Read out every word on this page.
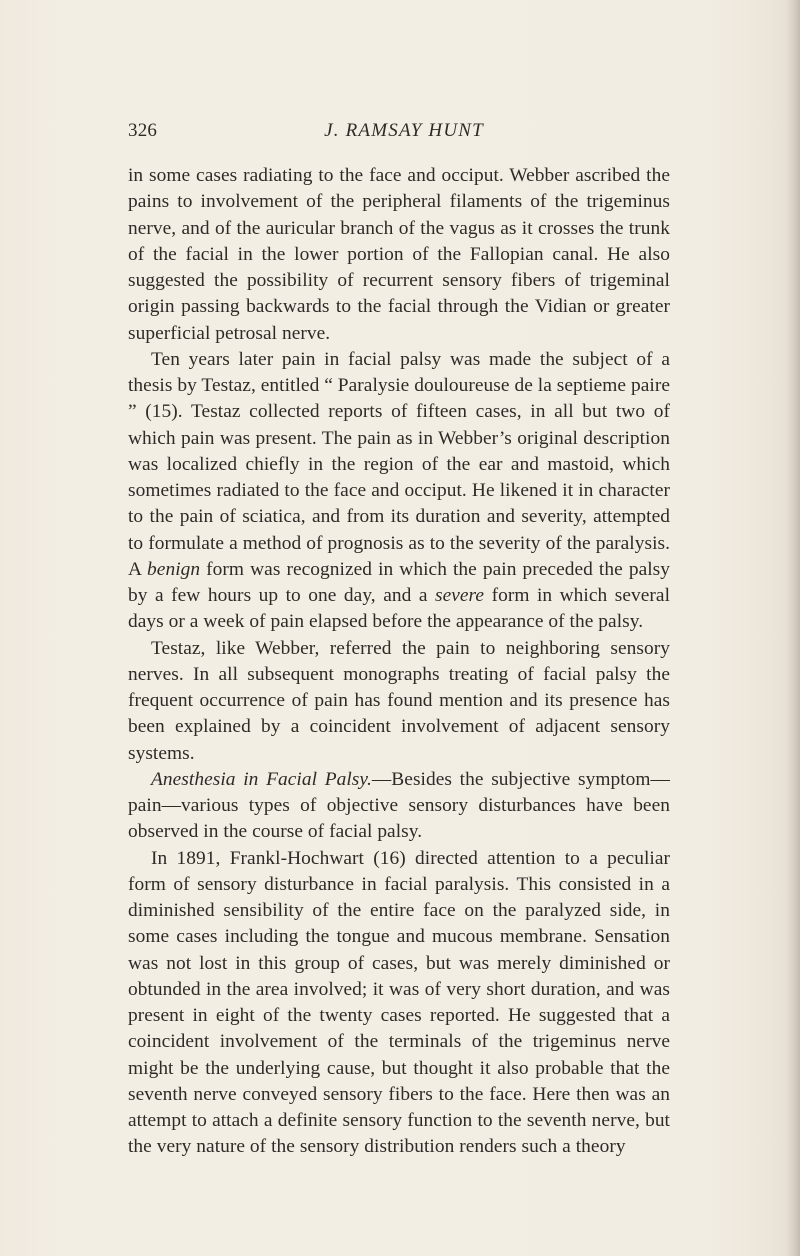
326	J. RAMSAY HUNT

in some cases radiating to the face and occiput. Webber ascribed the pains to involvement of the peripheral filaments of the trigeminus nerve, and of the auricular branch of the vagus as it crosses the trunk of the facial in the lower portion of the Fallopian canal. He also suggested the possibility of recurrent sensory fibers of trigeminal origin passing backwards to the facial through the Vidian or greater superficial petrosal nerve.

Ten years later pain in facial palsy was made the subject of a thesis by Testaz, entitled “ Paralysie douloureuse de la septieme paire ” (15). Testaz collected reports of fifteen cases, in all but two of which pain was present. The pain as in Webber’s original description was localized chiefly in the region of the ear and mastoid, which sometimes radiated to the face and occiput. He likened it in character to the pain of sciatica, and from its duration and severity, attempted to formulate a method of prognosis as to the severity of the paralysis. A benign form was recognized in which the pain preceded the palsy by a few hours up to one day, and a severe form in which several days or a week of pain elapsed before the appearance of the palsy.

Testaz, like Webber, referred the pain to neighboring sensory nerves. In all subsequent monographs treating of facial palsy the frequent occurrence of pain has found mention and its presence has been explained by a coincident involvement of adjacent sensory systems.

Anesthesia in Facial Palsy.—Besides the subjective symptom—pain—various types of objective sensory disturbances have been observed in the course of facial palsy.

In 1891, Frankl-Hochwart (16) directed attention to a peculiar form of sensory disturbance in facial paralysis. This consisted in a diminished sensibility of the entire face on the paralyzed side, in some cases including the tongue and mucous membrane. Sensation was not lost in this group of cases, but was merely diminished or obtunded in the area involved; it was of very short duration, and was present in eight of the twenty cases reported. He suggested that a coincident involvement of the terminals of the trigeminus nerve might be the underlying cause, but thought it also probable that the seventh nerve conveyed sensory fibers to the face. Here then was an attempt to attach a definite sensory function to the seventh nerve, but the very nature of the sensory distribution renders such a theory
